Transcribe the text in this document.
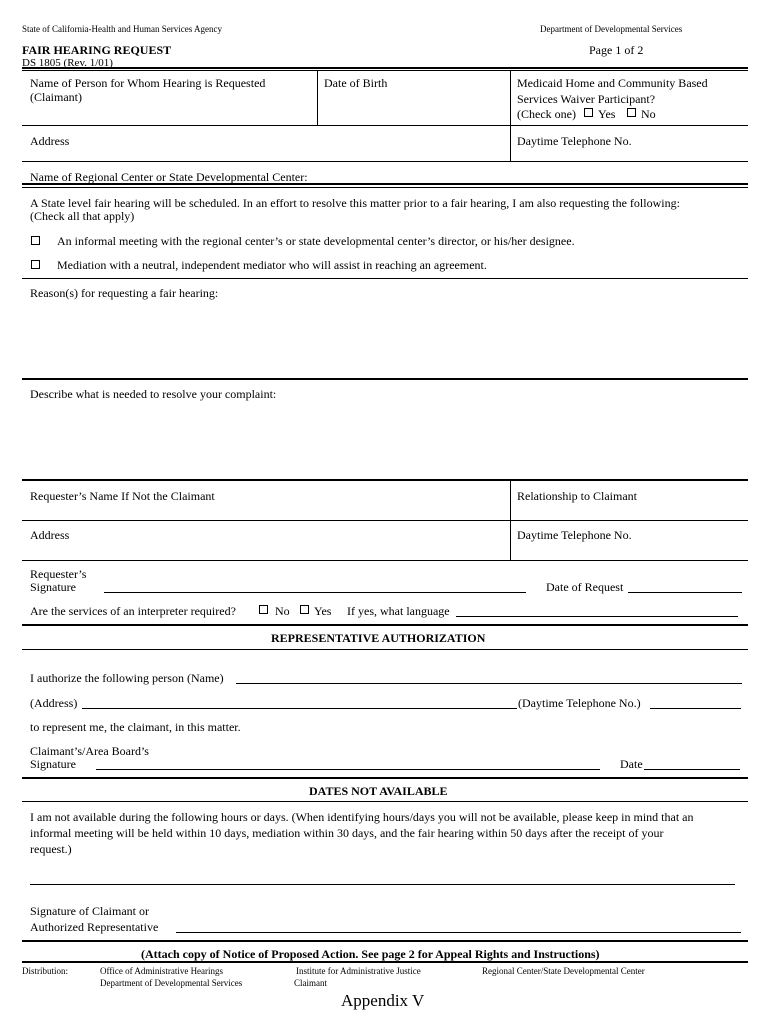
State of California-Health and Human Services Agency	Department of Developmental Services
FAIR HEARING REQUEST	Page 1 of 2
DS 1805 (Rev. 1/01)
Name of Person for Whom Hearing is Requested
(Claimant)
Date of Birth	Medicaid Home and Community Based
Services Waiver Participant?
(Check one) Yes No
Address	Daytime Telephone No.
Name of Regional Center or State Developmental Center:
A State level fair hearing will be scheduled. In an effort to resolve this matter prior to a fair hearing, I am also requesting the following:
(Check all that apply)
An informal meeting with the regional center’s or state developmental center’s director, or his/her designee.
Mediation with a neutral, independent mediator who will assist in reaching an agreement.
Reason(s) for requesting a fair hearing:
Describe what is needed to resolve your complaint:
Requester’s Name If Not the Claimant	Relationship to Claimant
Address	Daytime Telephone No.
Requester’s
Signature	Date of Request
Are the services of an interpreter required?	No Yes If yes, what language
REPRESENTATIVE AUTHORIZATION
I authorize the following person (Name)
(Address)	(Daytime Telephone No.)
to represent me, the claimant, in this matter.
Claimant’s/Area Board’s
Signature	Date
DATES NOT AVAILABLE
I am not available during the following hours or days. (When identifying hours/days you will not be available, please keep in mind that an
informal meeting will be held within 10 days, mediation within 30 days, and the fair hearing within 50 days after the receipt of your
request.)
Signature of Claimant or
Authorized Representative
(Attach copy of Notice of Proposed Action. See page 2 for Appeal Rights and Instructions)
Distribution:	Office of Administrative Hearings
Department of Developmental Services
Institute for Administrative Justice
Claimant
Regional Center/State Developmental Center
Appendix V
